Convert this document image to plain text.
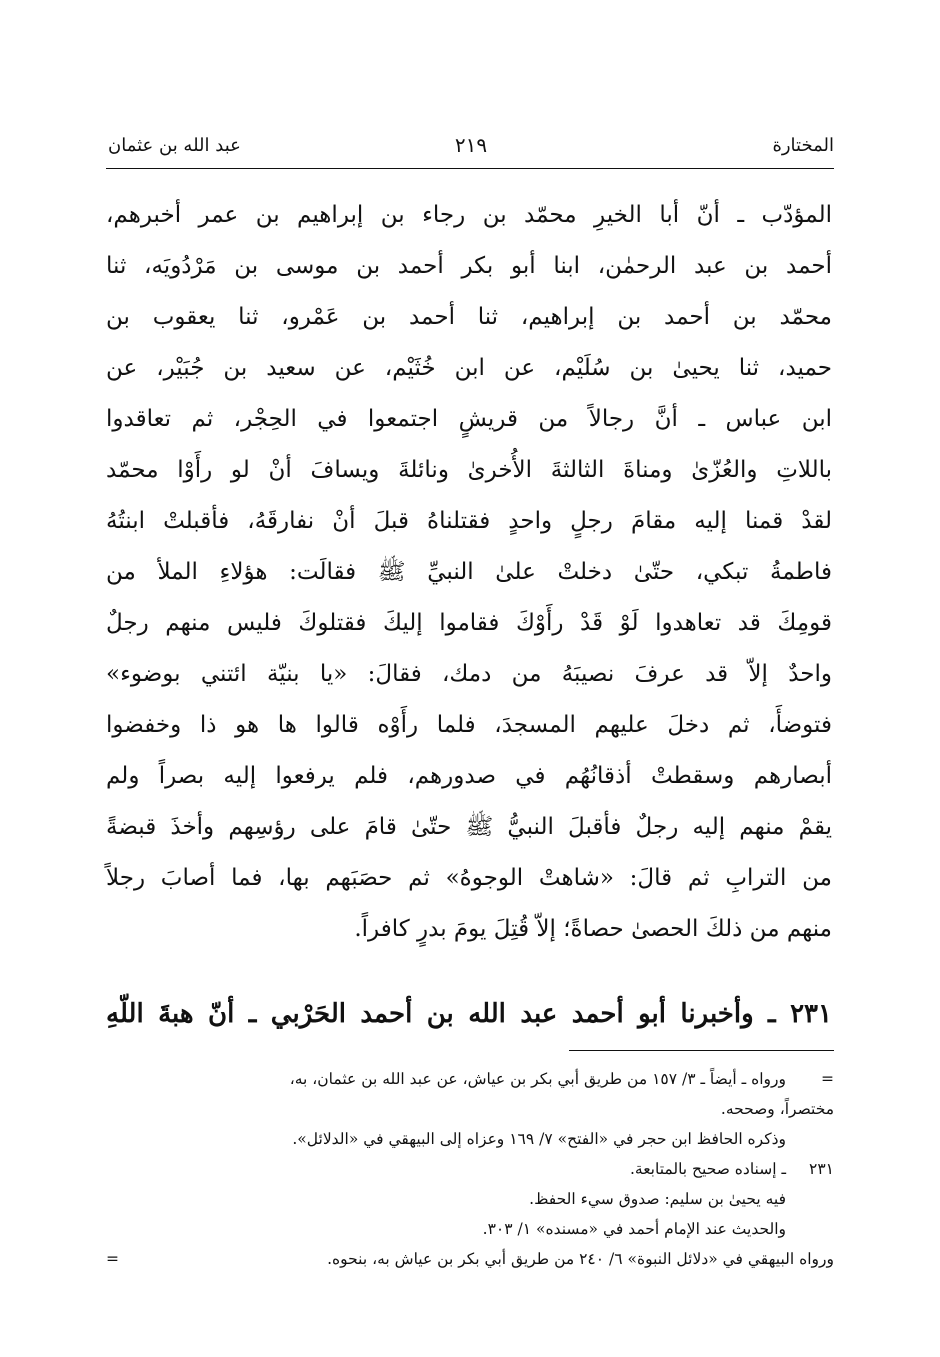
المختارة
٢١٩
عبد الله بن عثمان
المؤدّب ـ أنّ أبا الخيرِ محمّد بن رجاء بن إبراهيم بن عمر أخبرهم،
أحمد بن عبد الرحمٰن، ابنا أبو بكر أحمد بن موسى بن مَرْدُويَه، ثنا
محمّد بن أحمد بن إبراهيم، ثنا أحمد بن عَمْرو، ثنا يعقوب بن
حميد، ثنا يحيىٰ بن سُلَيْم، عن ابن خُثَيْم، عن سعيد بن جُبَيْر، عن
ابن عباس ـ أنَّ رجالاً من قريشٍ اجتمعوا في الحِجْر، ثم تعاقدوا
باللاتِ والعُزّىٰ ومناةَ الثالثةَ الأُخرىٰ ونائلةَ ويسافَ أنْ لو رأَوْا محمّد
لقدْ قمنا إليه مقامَ رجلٍ واحدٍ فقتلناهُ قبلَ أنْ نفارقَهُ، فأقبلتْ ابنتُهُ
فاطمةُ تبكي، حتّىٰ دخلتْ علىٰ النبيِّ ﷺ فقالَت: هؤلاءِ الملأ من
قومِكَ قد تعاهدوا لَوْ قَدْ رأَوْكَ فقاموا إليكَ فقتلوكَ فليس منهم رجلٌ
واحدٌ إلاّ قد عرفَ نصيبَهُ من دمك، فقالَ: «يا بنيّة ائتني بوضوء»
فتوضأَ، ثم دخلَ عليهم المسجدَ، فلما رأَوْه قالوا ها هو ذا وخفضوا
أبصارهم وسقطتْ أذقانُهُم في صدورهم، فلم يرفعوا إليه بصراً ولم
يقمْ منهم إليه رجلٌ فأقبلَ النبيُّ ﷺ حتّىٰ قامَ على رؤسِهم وأخذَ قبضةً
من الترابِ ثم قالَ: «شاهتْ الوجوهُ» ثم حصَبَهم بها، فما أصابَ رجلاً
منهم من ذلكَ الحصىٰ حصاةً؛ إلاّ قُتِلَ يومَ بدرٍ كافراً.
٢٣١ ـ وأخبرنا أبو أحمد عبد الله بن أحمد الحَرْبي ـ أنّ هبةَ اللّهِ
=ورواه ـ أيضاً ـ ٣/ ١٥٧ من طريق أبي بكر بن عياش، عن عبد الله بن عثمان، به،
مختصراً، وصححه.
وذكره الحافظ ابن حجر في «الفتح» ٧/ ١٦٩ وعزاه إلى البيهقي في «الدلائل».
٢٣١ـ إسناده صحيح بالمتابعة.
فيه يحيىٰ بن سليم: صدوق سيء الحفظ.
والحديث عند الإمام أحمد في «مسنده» ١/ ٣٠٣.
ورواه البيهقي في «دلائل النبوة» ٦/ ٢٤٠ من طريق أبي بكر بن عياش به، بنحوه.
=
